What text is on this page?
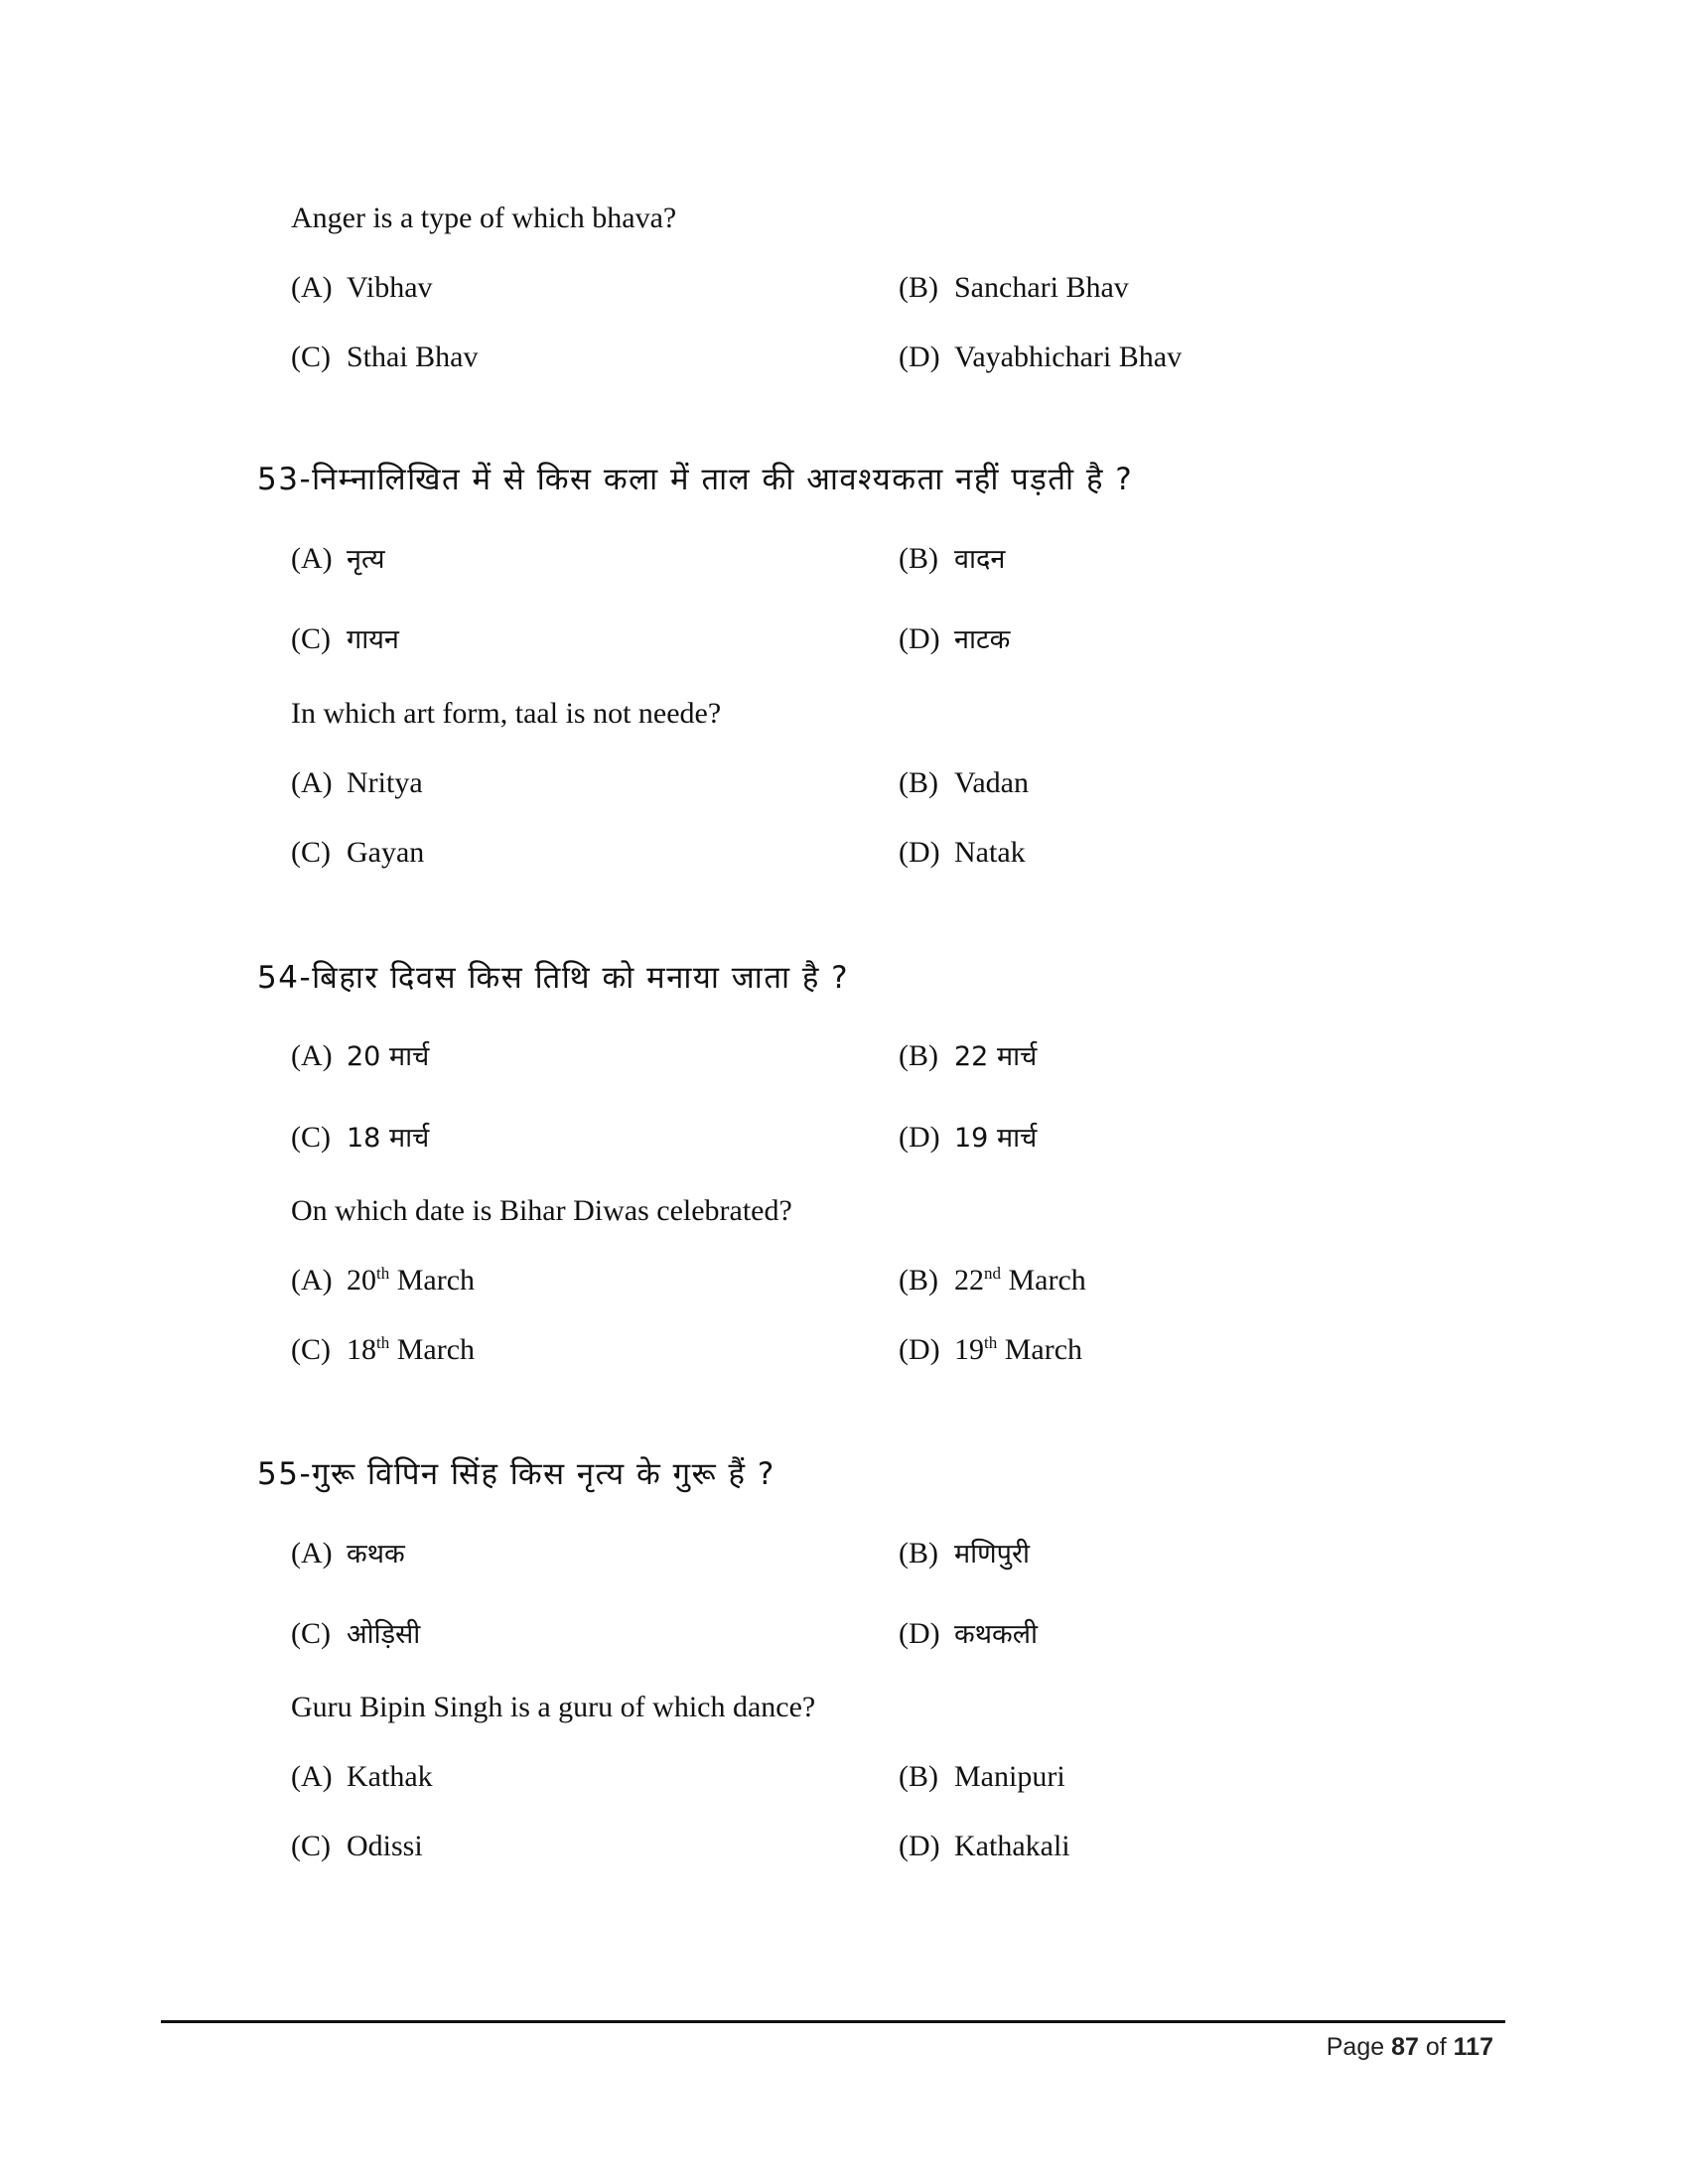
Anger is a type of which bhava?
(A) Vibhav	(B) Sanchari Bhav
(C) Sthai Bhav	(D) Vayabhichari Bhav
53-निम्नालिखित में से किस कला में ताल की आवश्यकता नहीं पड़ती है ?
(A) नृत्य	(B) वादन
(C) गायन	(D) नाटक
In which art form, taal is not neede?
(A) Nritya	(B) Vadan
(C) Gayan	(D) Natak
54-बिहार दिवस किस तिथि को मनाया जाता है ?
(A) 20 मार्च	(B) 22 मार्च
(C) 18 मार्च	(D) 19 मार्च
On which date is Bihar Diwas celebrated?
(A) 20th March	(B) 22nd March
(C) 18th March	(D) 19th March
55-गुरू विपिन सिंह किस नृत्य के गुरू हैं ?
(A) कथक	(B) मणिपुरी
(C) ओड़िसी	(D) कथकली
Guru Bipin Singh is a guru of which dance?
(A) Kathak	(B) Manipuri
(C) Odissi	(D) Kathakali
Page 87 of 117
